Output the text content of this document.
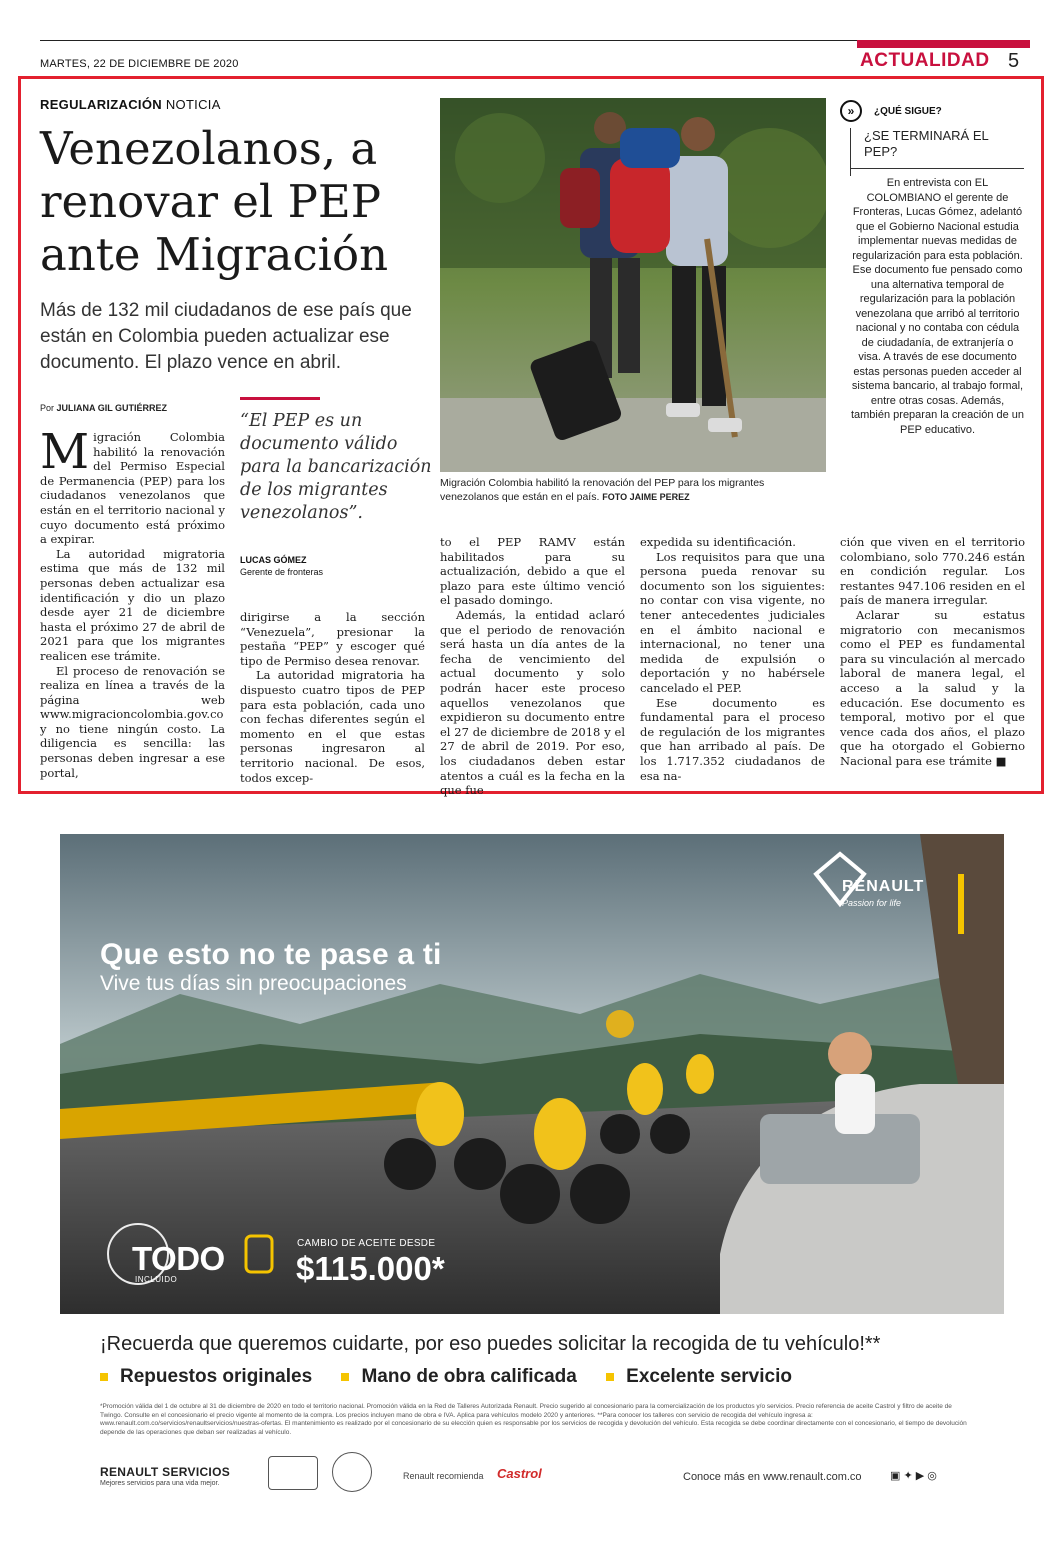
MARTES, 22 DE DICIEMBRE DE 2020	ACTUALIDAD 5
REGULARIZACIÓN NOTICIA
Venezolanos, a renovar el PEP ante Migración
Más de 132 mil ciudadanos de ese país que están en Colombia pueden actualizar ese documento. El plazo vence en abril.
Por JULIANA GIL GUTIÉRREZ

Migración Colombia habilitó la renovación del Permiso Especial de Permanencia (PEP) para los ciudadanos venezolanos que están en el territorio nacional y cuyo documento está próximo a expirar.

La autoridad migratoria estima que más de 132 mil personas deben actualizar esa identificación y dio un plazo desde ayer 21 de diciembre hasta el próximo 27 de abril de 2021 para que los migrantes realicen ese trámite.

El proceso de renovación se realiza en línea a través de la página web www.migracioncolombia.gov.co y no tiene ningún costo. La diligencia es sencilla: las personas deben ingresar a ese portal,

“El PEP es un documento válido para la bancarización de los migrantes venezolanos”.
LUCAS GÓMEZ
Gerente de fronteras

dirigirse a la sección “Venezuela”, presionar la pestaña “PEP” y escoger qué tipo de Permiso desea renovar.

La autoridad migratoria ha dispuesto cuatro tipos de PEP para esta población, cada uno con fechas diferentes según el momento en el que estas personas ingresaron al territorio nacional. De esos, todos excep-

Migración Colombia habilitó la renovación del PEP para los migrantes venezolanos que están en el país. FOTO JAIME PEREZ

to el PEP RAMV están habilitados para su actualización, debido a que el plazo para este último venció el pasado domingo.

Además, la entidad aclaró que el periodo de renovación será hasta un día antes de la fecha de vencimiento del actual documento y solo podrán hacer este proceso aquellos venezolanos que expidieron su documento entre el 27 de diciembre de 2018 y el 27 de abril de 2019. Por eso, los ciudadanos deben estar atentos a cuál es la fecha en la que fue

expedida su identificación.

Los requisitos para que una persona pueda renovar su documento son los siguientes: no contar con visa vigente, no tener antecedentes judiciales en el ámbito nacional e internacional, no tener una medida de expulsión o deportación y no habérsele cancelado el PEP.

Ese documento es fundamental para el proceso de regulación de los migrantes que han arribado al país. De los 1.717.352 ciudadanos de esa na-

ción que viven en el territorio colombiano, solo 770.246 están en condición regular. Los restantes 947.106 residen en el país de manera irregular.

Aclarar su estatus migratorio con mecanismos como el PEP es fundamental para su vinculación al mercado laboral de manera legal, el acceso a la salud y la educación. Ese documento es temporal, motivo por el que vence cada dos años, el plazo que ha otorgado el Gobierno Nacional para ese trámite ■

»	¿QUÉ SIGUE?
¿SE TERMINARÁ EL PEP?
En entrevista con EL COLOMBIANO el gerente de Fronteras, Lucas Gómez, adelantó que el Gobierno Nacional estudia implementar nuevas medidas de regularización para esta población. Ese documento fue pensado como una alternativa temporal de regularización para la población venezolana que arribó al territorio nacional y no contaba con cédula de ciudadanía, de extranjería o visa. A través de ese documento estas personas pueden acceder al sistema bancario, al trabajo formal, entre otras cosas. Además, también preparan la creación de un PEP educativo.
Que esto no te pase a ti
Vive tus días sin preocupaciones
RENAULT
Passion for life
TODO
INCLUIDO
CAMBIO DE ACEITE DESDE
$115.000*
¡Recuerda que queremos cuidarte, por eso puedes solicitar la recogida de tu vehículo!**
Repuestos originales	Mano de obra calificada	Excelente servicio
*Promoción válida del 1 de octubre al 31 de diciembre de 2020 en todo el territorio nacional. Promoción válida en la Red de Talleres Autorizada Renault. Precio sugerido al concesionario para la comercialización de los productos y/o servicios. Precio referencia de aceite Castrol y filtro de aceite de Twingo. Consulte en el concesionario el precio vigente al momento de la compra. Los precios incluyen mano de obra e IVA. Aplica para vehículos modelo 2020 y anteriores. **Para conocer los talleres con servicio de recogida del vehículo ingresa a: www.renault.com.co/servicios/renaultservicios/nuestras-ofertas. El mantenimiento es realizado por el concesionario de su elección quien es responsable por los servicios de recogida y devolución del vehículo. Esta recogida se debe coordinar directamente con el concesionario, el tiempo de devolución depende de las operaciones que deban ser realizadas al vehículo.
RENAULT SERVICIOS
Mejores servicios para una vida mejor.
Renault recomienda Castrol	Conoce más en www.renault.com.co	▣ ✦ ▶ ◎
